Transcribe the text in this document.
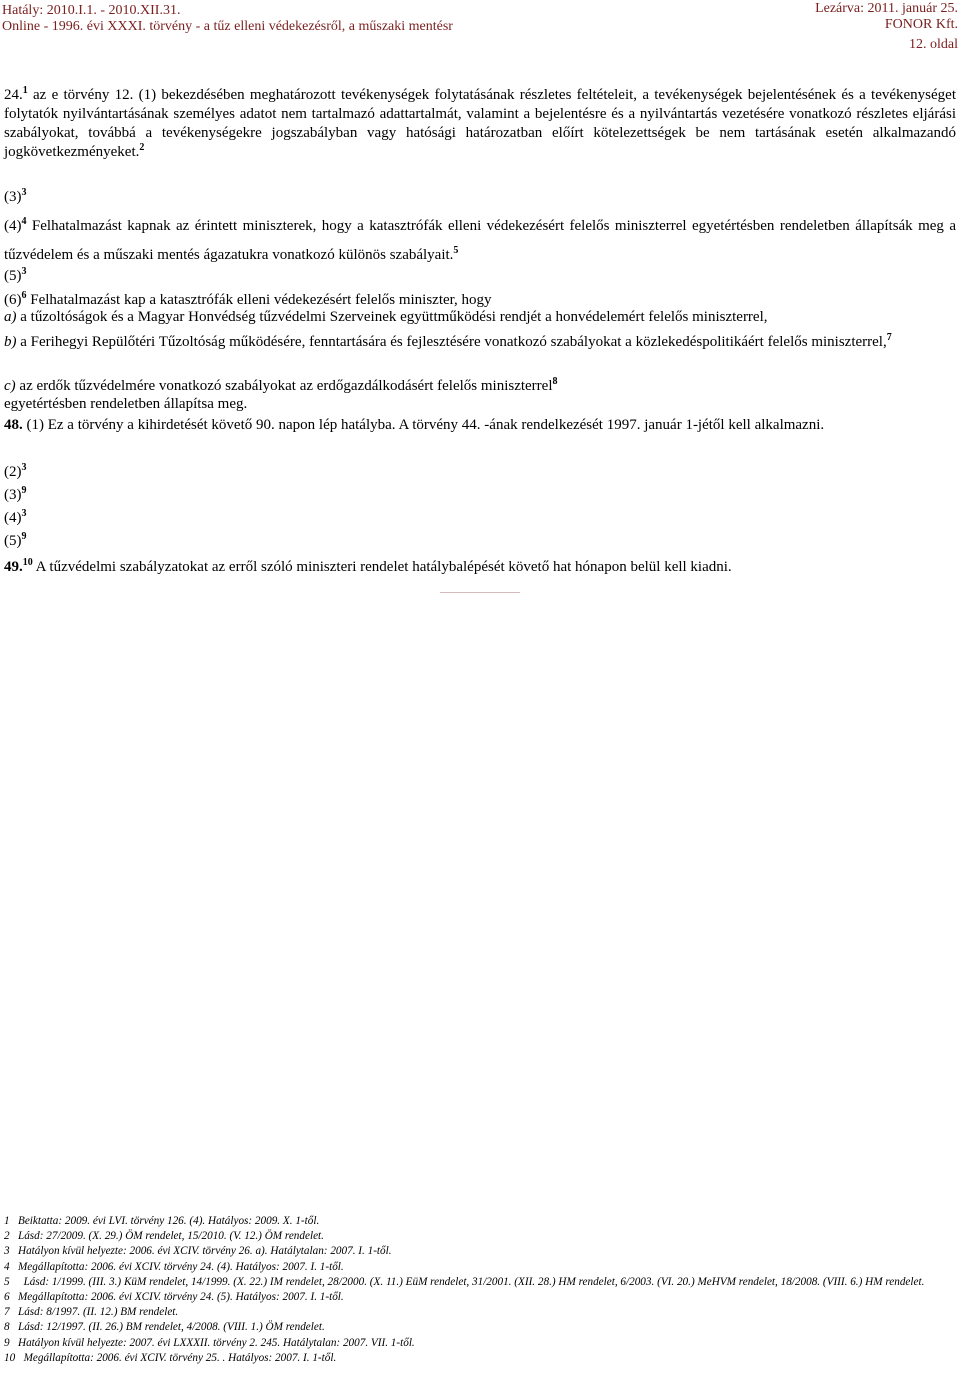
Hatály: 2010.I.1. - 2010.XII.31.
Online - 1996. évi XXXI. törvény - a tűz elleni védekezésről, a műszaki mentésr
Lezárva: 2011. január 25.
FONOR Kft.
12. oldal
24.$^1$ az e törvény 12. (1) bekezdésében meghatározott tevékenységek folytatásának részletes feltételeit, a tevékenységek bejelentésének és a tevékenységet folytatók nyilvántartásának személyes adatot nem tartalmazó adattartalmát, valamint a bejelentésre és a nyilvántartás vezetésére vonatkozó részletes eljárási szabályokat, továbbá a tevékenységekre jogszabályban vagy hatósági határozatban előírt kötelezettségek be nem tartásának esetén alkalmazandó jogkövetkezményeket.$^2$
$(3)^3$
$(4)^4$ Felhatalmazást kapnak az érintett miniszterek, hogy a katasztrófák elleni védekezésért felelős miniszterrel egyetértésben rendeletben állapítsák meg a tűzvédelem és a műszaki mentés ágazatukra vonatkozó különös szabályait.$^5$
$(5)^3$
$(6)^6$ Felhatalmazást kap a katasztrófák elleni védekezésért felelős miniszter, hogy
a) a tűzoltóságok és a Magyar Honvédség tűzvédelmi Szerveinek együttműködési rendjét a honvédelemért felelős miniszterrel,
b) a Ferihegyi Repülőtéri Tűzoltóság működésére, fenntartására és fejlesztésére vonatkozó szabályokat a közlekedéspolitikáért felelős miniszterrel,$^7$
c) az erdők tűzvédelmére vonatkozó szabályokat az erdőgazdálkodásért felelős miniszterrel$^8$
egyetértésben rendeletben állapítsa meg.
48. (1) Ez a törvény a kihirdetését követő 90. napon lép hatályba. A törvény 44. -ának rendelkezését 1997. január 1-jétől kell alkalmazni.
$(2)^3$
$(3)^9$
$(4)^3$
$(5)^9$
49.10 A tűzvédelmi szabályzatokat az erről szóló miniszteri rendelet hatálybalépését követő hat hónapon belül kell kiadni.
1 Beiktatta: 2009. évi LVI. törvény 126. (4). Hatályos: 2009. X. 1-től.
2 Lásd: 27/2009. (X. 29.) ÖM rendelet, 15/2010. (V. 12.) ÖM rendelet.
3 Hatályon kívül helyezte: 2006. évi XCIV. törvény 26. a). Hatálytalan: 2007. I. 1-től.
4 Megállapította: 2006. évi XCIV. törvény 24. (4). Hatályos: 2007. I. 1-től.
5 Lásd: 1/1999. (III. 3.) KüM rendelet, 14/1999. (X. 22.) IM rendelet, 28/2000. (X. 11.) EüM rendelet, 31/2001. (XII. 28.) HM rendelet, 6/2003. (VI. 20.) MeHVM rendelet, 18/2008. (VIII. 6.) HM rendelet.
6 Megállapította: 2006. évi XCIV. törvény 24. (5). Hatályos: 2007. I. 1-től.
7 Lásd: 8/1997. (II. 12.) BM rendelet.
8 Lásd: 12/1997. (II. 26.) BM rendelet, 4/2008. (VIII. 1.) ÖM rendelet.
9 Hatályon kívül helyezte: 2007. évi LXXXII. törvény 2. 245. Hatálytalan: 2007. VII. 1-től.
10 Megállapította: 2006. évi XCIV. törvény 25. . Hatályos: 2007. I. 1-től.
